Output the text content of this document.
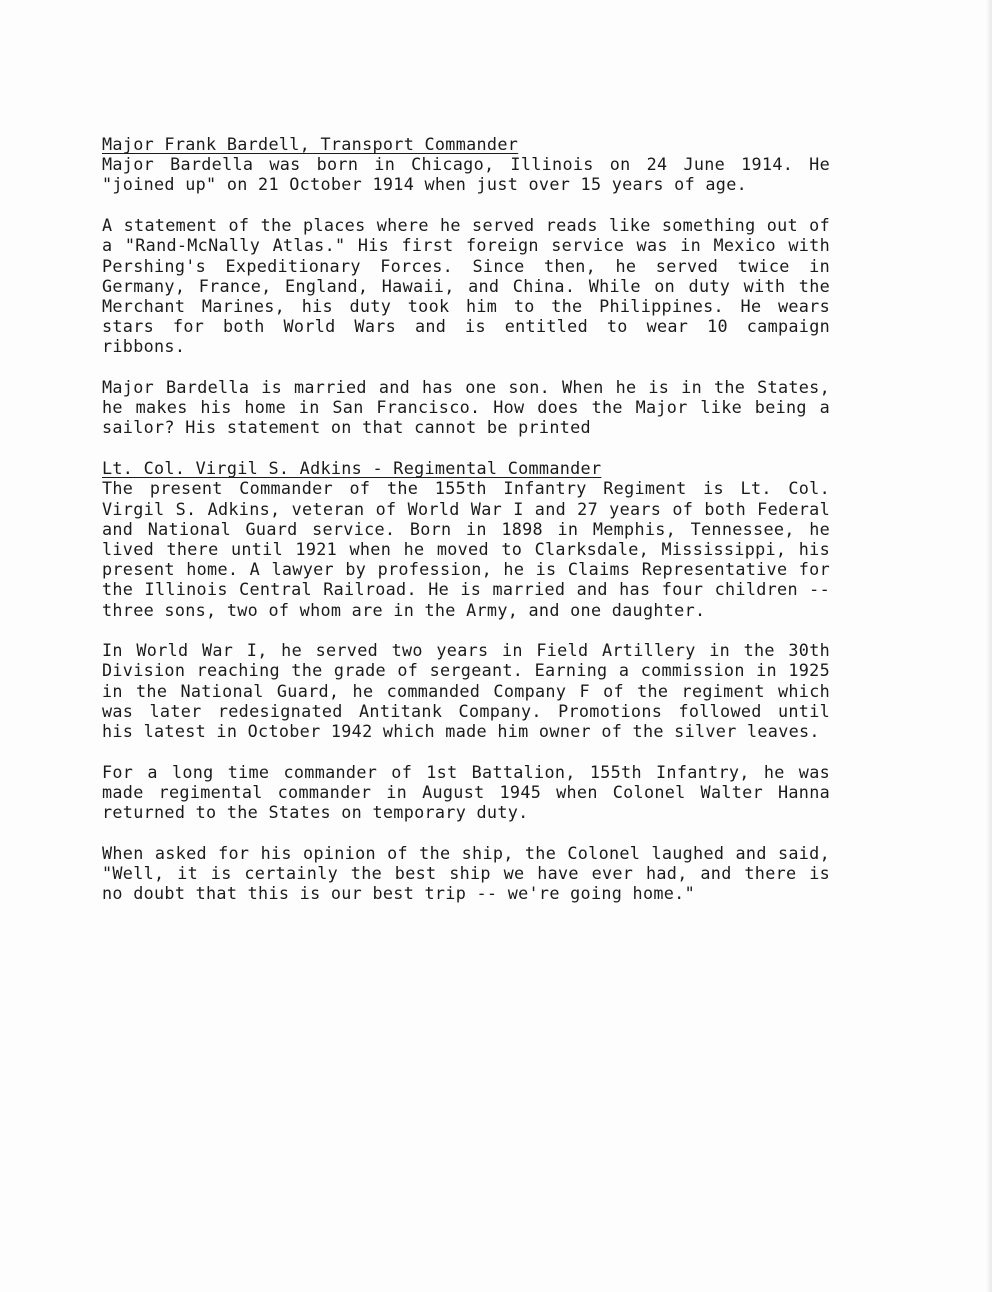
Major Frank Bardell, Transport Commander

Major Bardella was born in Chicago, Illinois on 24 June 1914. He "joined up" on 21 October 1914 when just over 15 years of age.

A statement of the places where he served reads like something out of a "Rand-McNally Atlas." His first foreign service was in Mexico with Pershing's Expeditionary Forces. Since then, he served twice in Germany, France, England, Hawaii, and China. While on duty with the Merchant Marines, his duty took him to the Philippines. He wears stars for both World Wars and is entitled to wear 10 campaign ribbons.

Major Bardella is married and has one son. When he is in the States, he makes his home in San Francisco. How does the Major like being a sailor? His statement on that cannot be printed

Lt. Col. Virgil S. Adkins - Regimental Commander

The present Commander of the 155th Infantry Regiment is Lt. Col. Virgil S. Adkins, veteran of World War I and 27 years of both Federal and National Guard service. Born in 1898 in Memphis, Tennessee, he lived there until 1921 when he moved to Clarksdale, Mississippi, his present home. A lawyer by profession, he is Claims Representative for the Illinois Central Railroad. He is married and has four children -- three sons, two of whom are in the Army, and one daughter.

In World War I, he served two years in Field Artillery in the 30th Division reaching the grade of sergeant. Earning a commission in 1925 in the National Guard, he commanded Company F of the regiment which was later redesignated Antitank Company. Promotions followed until his latest in October 1942 which made him owner of the silver leaves.

For a long time commander of 1st Battalion, 155th Infantry, he was made regimental commander in August 1945 when Colonel Walter Hanna returned to the States on temporary duty.

When asked for his opinion of the ship, the Colonel laughed and said, "Well, it is certainly the best ship we have ever had, and there is no doubt that this is our best trip -- we're going home."
